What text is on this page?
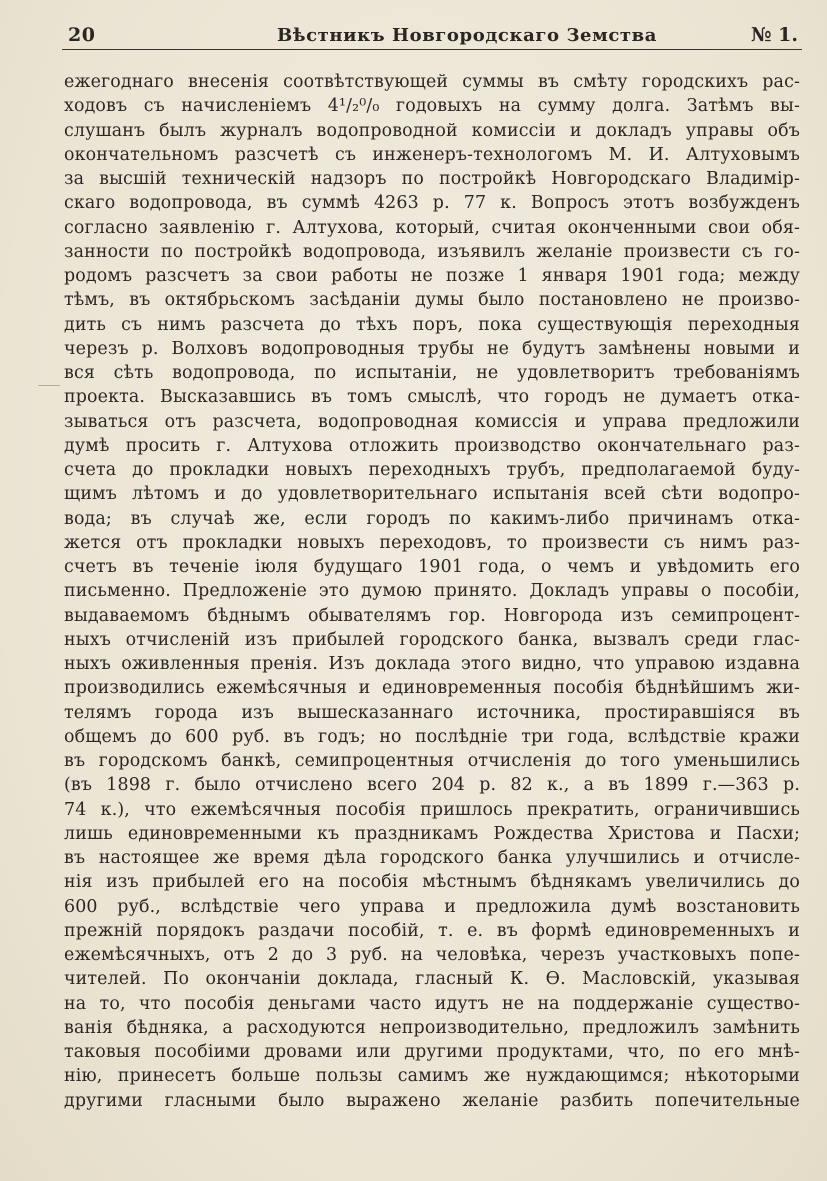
20	Вѣстникъ Новгородскаго Земства	№ 1.
ежегоднаго внесенія соотвѣтствующей суммы въ смѣту городскихъ рас-
ходовъ съ начисленіемъ 4¹/₂⁰/₀ годовыхъ на сумму долга. Затѣмъ вы-
слушанъ былъ журналъ водопроводной комиссіи и докладъ управы объ
окончательномъ разсчетѣ съ инженеръ-технологомъ М. И. Алтуховымъ
за высшій техническій надзоръ по постройкѣ Новгородскаго Владимір-
скаго водопровода, въ суммѣ 4263 р. 77 к. Вопросъ этотъ возбужденъ
согласно заявленію г. Алтухова, который, считая оконченными свои обя-
занности по постройкѣ водопровода, изъявилъ желаніе произвести съ го-
родомъ разсчетъ за свои работы не позже 1 января 1901 года; между
тѣмъ, въ октябрьскомъ засѣданіи думы было постановлено не произво-
дить съ нимъ разсчета до тѣхъ поръ, пока существующія переходныя
черезъ р. Волховъ водопроводныя трубы не будутъ замѣнены новыми и
вся сѣть водопровода, по испытаніи, не удовлетворитъ требованіямъ
проекта. Высказавшись въ томъ смыслѣ, что городъ не думаетъ отка-
зываться отъ разсчета, водопроводная комиссія и управа предложили
думѣ просить г. Алтухова отложить производство окончательнаго раз-
счета до прокладки новыхъ переходныхъ трубъ, предполагаемой буду-
щимъ лѣтомъ и до удовлетворительнаго испытанія всей сѣти водопро-
вода; въ случаѣ же, если городъ по какимъ-либо причинамъ отка-
жется отъ прокладки новыхъ переходовъ, то произвести съ нимъ раз-
счетъ въ теченіе іюля будущаго 1901 года, о чемъ и увѣдомить его
письменно. Предложеніе это думою принято. Докладъ управы о пособіи,
выдаваемомъ бѣднымъ обывателямъ гор. Новгорода изъ семипроцент-
ныхъ отчисленій изъ прибылей городского банка, вызвалъ среди глас-
ныхъ оживленныя пренія. Изъ доклада этого видно, что управою издавна
производились ежемѣсячныя и единовременныя пособія бѣднѣйшимъ жи-
телямъ города изъ вышесказаннаго источника, простиравшіяся въ
общемъ до 600 руб. въ годъ; но послѣдніе три года, вслѣдствіе кражи
въ городскомъ банкѣ, семипроцентныя отчисленія до того уменьшились
(въ 1898 г. было отчислено всего 204 р. 82 к., а въ 1899 г.—363 р.
74 к.), что ежемѣсячныя пособія пришлось прекратить, ограничившись
лишь единовременными къ праздникамъ Рождества Христова и Пасхи;
въ настоящее же время дѣла городского банка улучшились и отчисле-
нія изъ прибылей его на пособія мѣстнымъ бѣднякамъ увеличились до
600 руб., вслѣдствіе чего управа и предложила думѣ возстановить
прежній порядокъ раздачи пособій, т. е. въ формѣ единовременныхъ и
ежемѣсячныхъ, отъ 2 до 3 руб. на человѣка, черезъ участковыхъ попе-
чителей. По окончаніи доклада, гласный К. Ѳ. Масловскій, указывая
на то, что пособія деньгами часто идутъ не на поддержаніе существо-
ванія бѣдняка, а расходуются непроизводительно, предложилъ замѣнить
таковыя пособіими дровами или другими продуктами, что, по его мнѣ-
нію, принесетъ больше пользы самимъ же нуждающимся; нѣкоторыми
другими гласными было выражено желаніе разбить попечительные
